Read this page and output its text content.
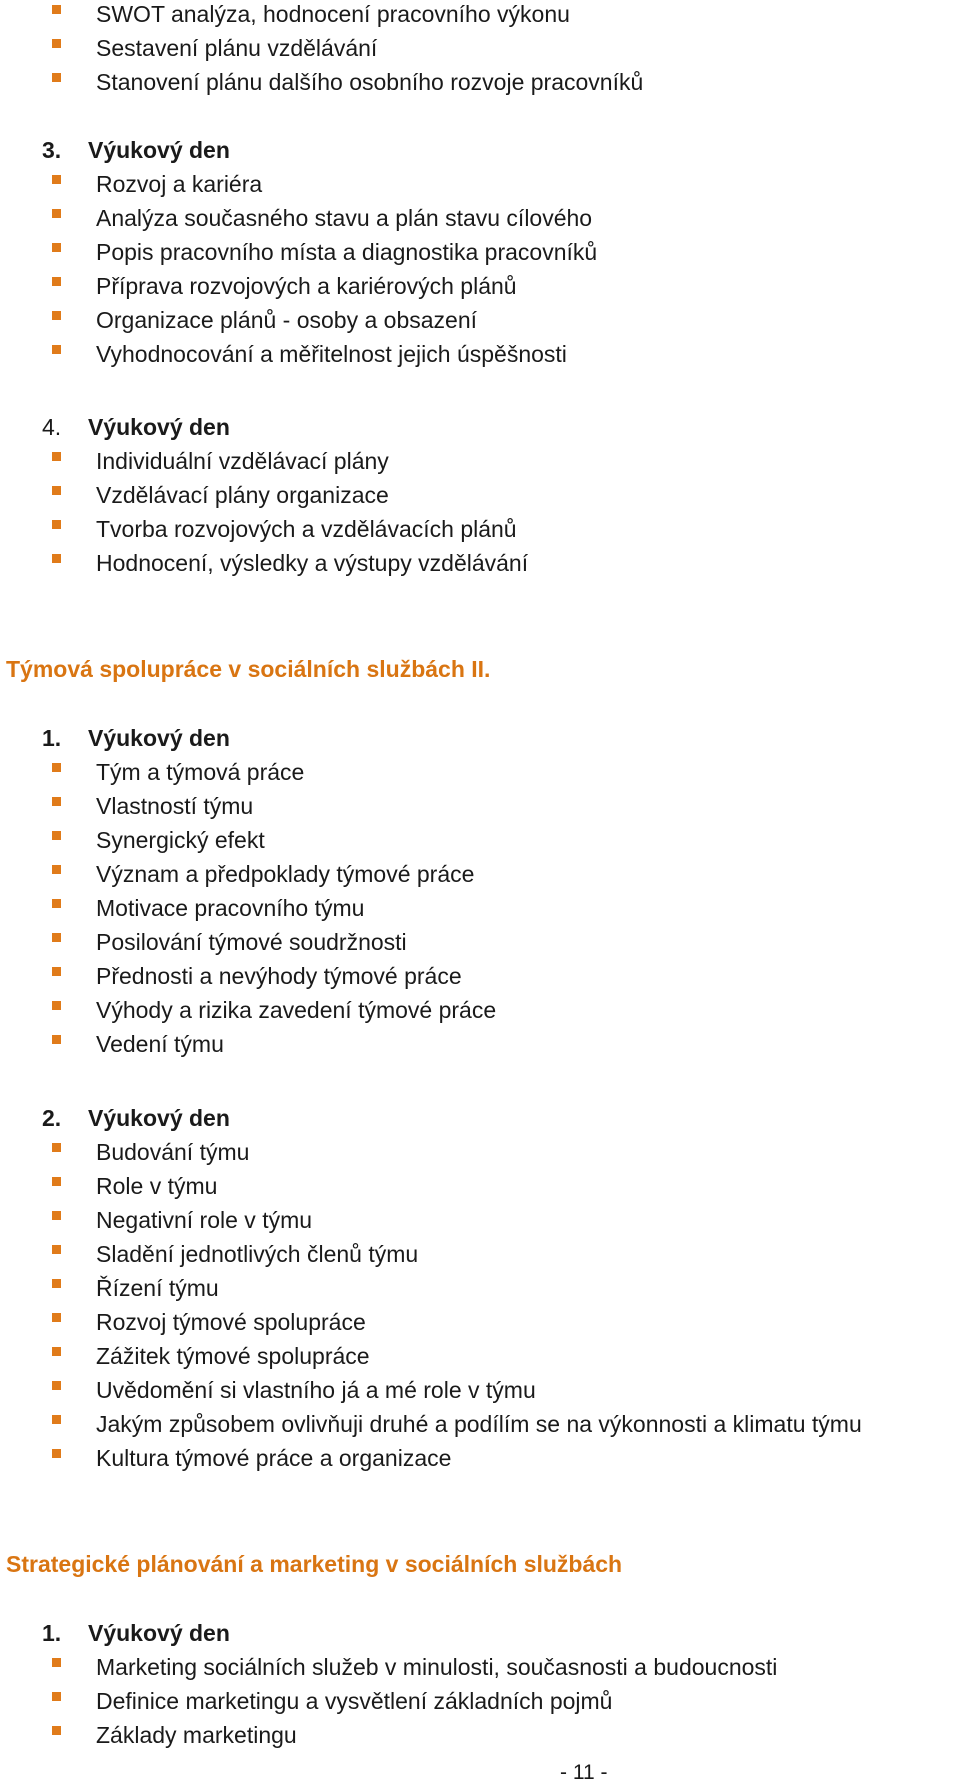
SWOT analýza, hodnocení pracovního výkonu
Sestavení plánu vzdělávání
Stanovení plánu dalšího osobního rozvoje pracovníků
3. Výukový den
Rozvoj a kariéra
Analýza současného stavu a plán stavu cílového
Popis pracovního místa a diagnostika pracovníků
Příprava rozvojových a kariérových plánů
Organizace plánů - osoby a obsazení
Vyhodnocování a měřitelnost jejich úspěšnosti
4. Výukový den
Individuální vzdělávací plány
Vzdělávací plány organizace
Tvorba rozvojových a vzdělávacích plánů
Hodnocení, výsledky a výstupy vzdělávání
Týmová spolupráce v sociálních službách II.
1. Výukový den
Tým a týmová práce
Vlastností týmu
Synergický efekt
Význam a předpoklady týmové práce
Motivace pracovního týmu
Posilování týmové soudržnosti
Přednosti a nevýhody týmové práce
Výhody a rizika zavedení týmové práce
Vedení týmu
2. Výukový den
Budování týmu
Role v týmu
Negativní role v týmu
Sladění jednotlivých členů týmu
Řízení týmu
Rozvoj týmové spolupráce
Zážitek týmové spolupráce
Uvědomění si vlastního já a mé role v týmu
Jakým způsobem ovlivňuji druhé a podílím se na výkonnosti a klimatu týmu
Kultura týmové práce a organizace
Strategické plánování a marketing v sociálních službách
1. Výukový den
Marketing sociálních služeb v minulosti, současnosti a budoucnosti
Definice marketingu a vysvětlení základních pojmů
Základy marketingu
- 11 -
